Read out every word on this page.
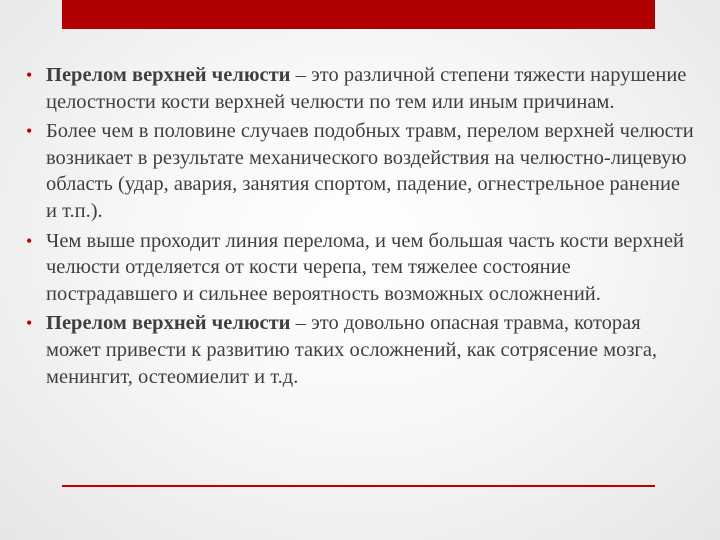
• Перелом верхней челюсти – это различной степени тяжести нарушение целостности кости верхней челюсти по тем или иным причинам.
• Более чем в половине случаев подобных травм, перелом верхней челюсти возникает в результате механического воздействия на челюстно-лицевую область (удар, авария, занятия спортом, падение, огнестрельное ранение и т.п.).
• Чем выше проходит линия перелома, и чем большая часть кости верхней челюсти отделяется от кости черепа, тем тяжелее состояние пострадавшего и сильнее вероятность возможных осложнений.
• Перелом верхней челюсти – это довольно опасная травма, которая может привести к развитию таких осложнений, как сотрясение мозга, менингит, остеомиелит и т.д.
